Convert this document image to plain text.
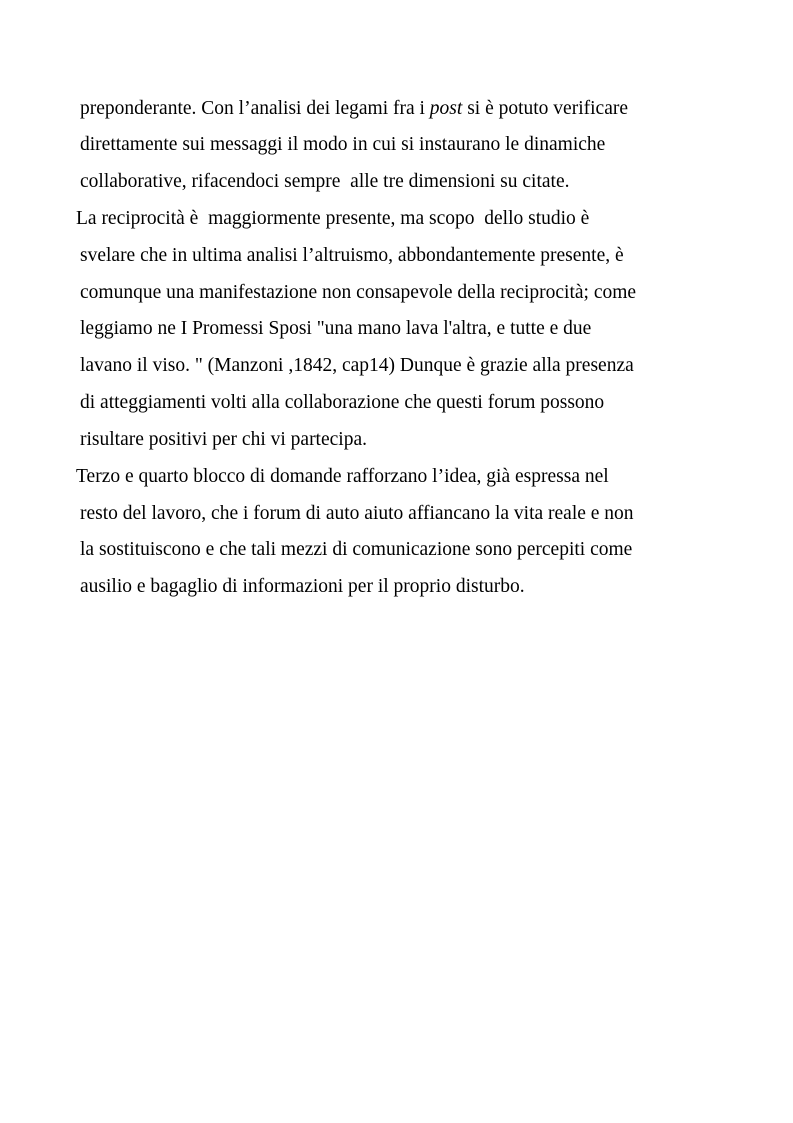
preponderante. Con l’analisi dei legami fra i post si è potuto verificare
direttamente sui messaggi il modo in cui si instaurano le dinamiche
collaborative, rifacendoci sempre  alle tre dimensioni su citate.
La reciprocità è  maggiormente presente, ma scopo  dello studio è
svelare che in ultima analisi l’altruismo, abbondantemente presente, è
comunque una manifestazione non consapevole della reciprocità; come
leggiamo ne I Promessi Sposi "una mano lava l'altra, e tutte e due
lavano il viso. " (Manzoni ,1842, cap14) Dunque è grazie alla presenza
di atteggiamenti volti alla collaborazione che questi forum possono
risultare positivi per chi vi partecipa.
Terzo e quarto blocco di domande rafforzano l’idea, già espressa nel
resto del lavoro, che i forum di auto aiuto affiancano la vita reale e non
la sostituiscono e che tali mezzi di comunicazione sono percepiti come
ausilio e bagaglio di informazioni per il proprio disturbo.
